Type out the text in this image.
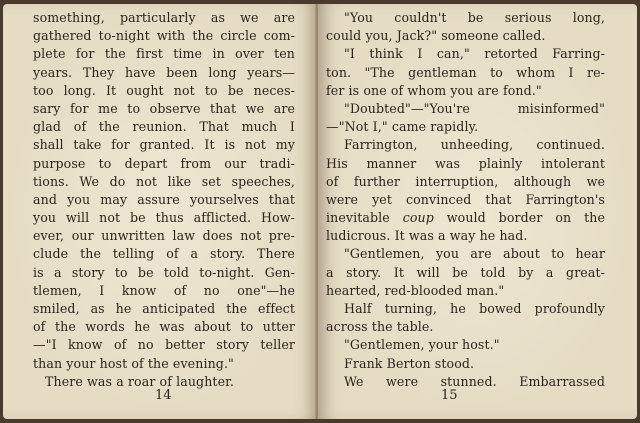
something, particularly as we are
gathered to-night with the circle com-
plete for the first time in over ten
years. They have been long years—
too long. It ought not to be neces-
sary for me to observe that we are
glad of the reunion. That much I
shall take for granted. It is not my
purpose to depart from our tradi-
tions. We do not like set speeches,
and you may assure yourselves that
you will not be thus afflicted. How-
ever, our unwritten law does not pre-
clude the telling of a story. There
is a story to be told to-night. Gen-
tlemen, I know of no one"—he
smiled, as he anticipated the effect
of the words he was about to utter
—"I know of no better story teller
than your host of the evening."
There was a roar of laughter.
14
"You couldn't be serious long,
could you, Jack?" someone called.
"I think I can," retorted Farring-
ton. "The gentleman to whom I re-
fer is one of whom you are fond."
"Doubted"—"You're misinformed"
—"Not I," came rapidly.
Farrington, unheeding, continued.
His manner was plainly intolerant
of further interruption, although we
were yet convinced that Farrington's
inevitable coup would border on the
ludicrous. It was a way he had.
"Gentlemen, you are about to hear
a story. It will be told by a great-
hearted, red-blooded man."
Half turning, he bowed profoundly
across the table.
"Gentlemen, your host."
Frank Berton stood.
We were stunned. Embarrassed
15
